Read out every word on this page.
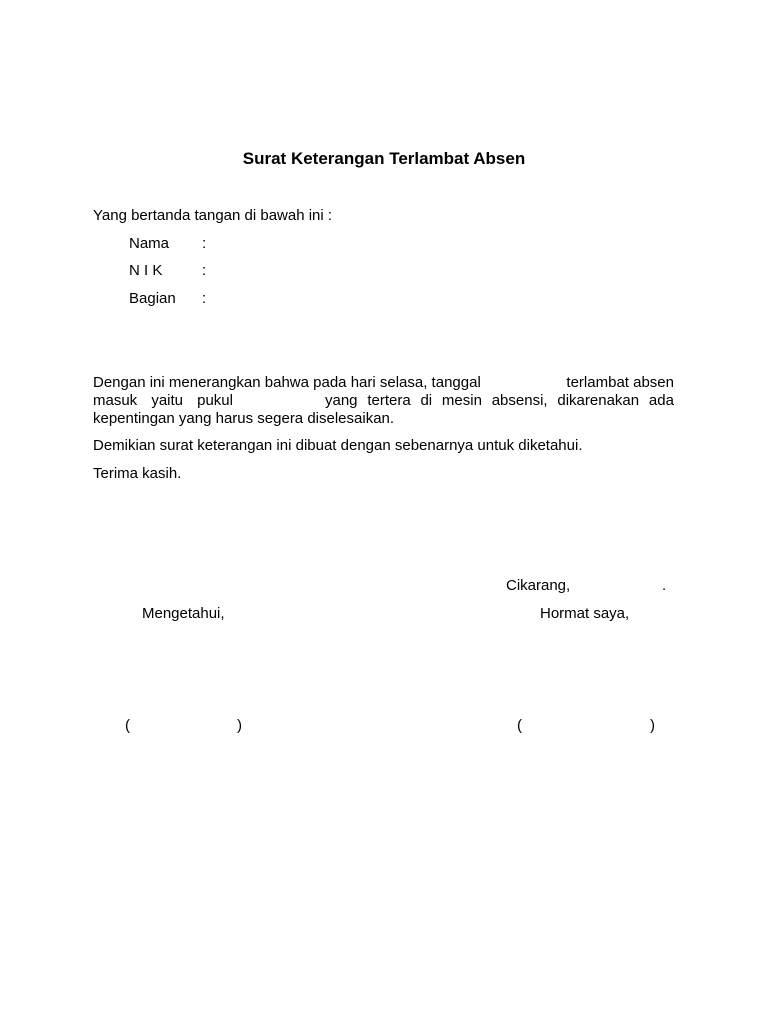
Surat Keterangan Terlambat Absen
Yang bertanda tangan di bawah ini :
Nama :
N I K	:
Bagian :
Dengan ini menerangkan bahwa pada hari selasa, tanggal	terlambat absen
masuk yaitu pukul	yang tertera di mesin absensi, dikarenakan ada
kepentingan yang harus segera diselesaikan.
Demikian surat keterangan ini dibuat dengan sebenarnya untuk diketahui.
Terima kasih.
Cikarang,	.
Mengetahui,	Hormat saya,
(	)	(	)
